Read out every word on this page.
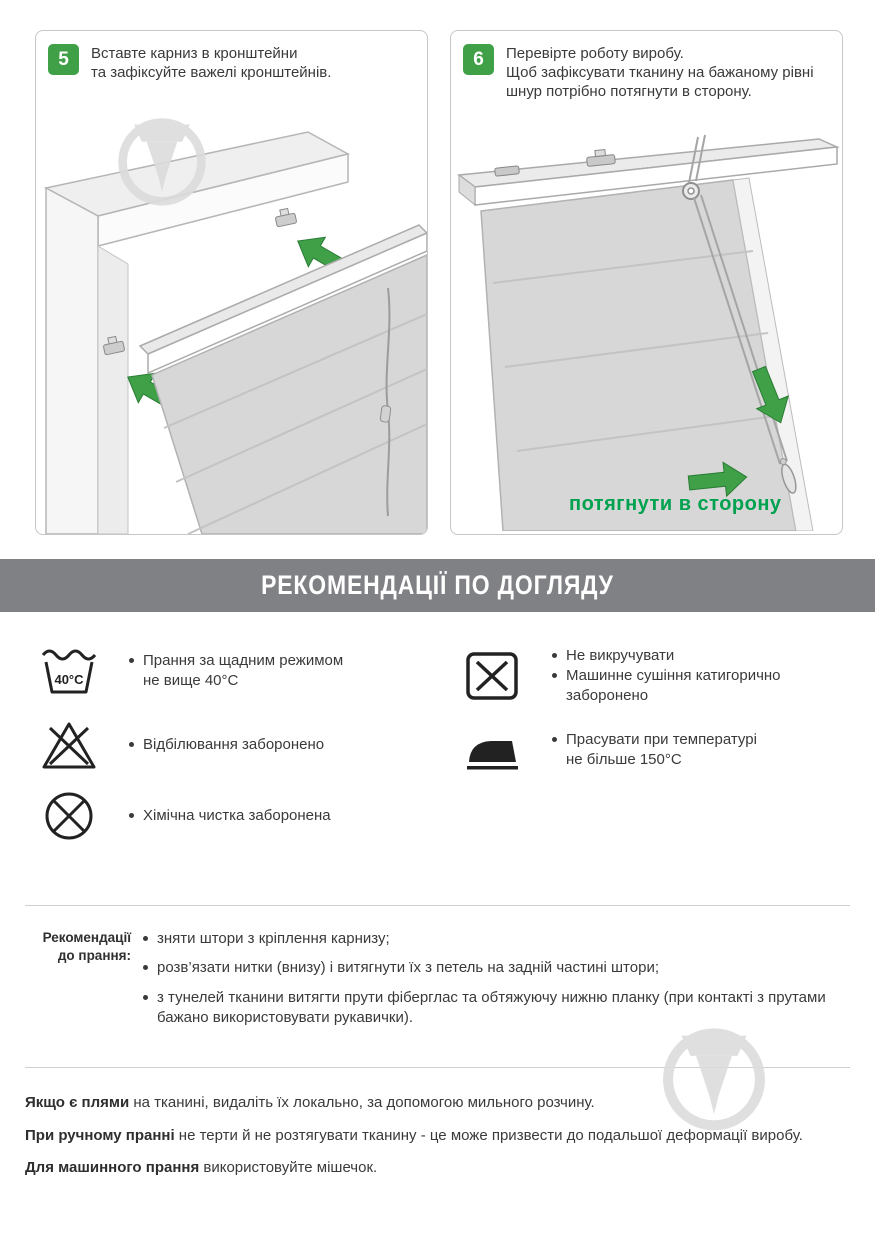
5	Вставте карниз в кронштейни
та зафіксуйте важелі кронштейнів.
6	Перевірте роботу виробу.
Щоб зафіксувати тканину на бажаному рівні
шнур потрібно потягнути в сторону.
потягнути в сторону
РЕКОМЕНДАЦІЇ ПО ДОГЛЯДУ
40°C
Прання за щадним режимом
не вище 40°С
Відбілювання заборонено
Хімічна чистка заборонена
Не викручувати
Машинне сушіння катигорично
заборонено
Прасувати при температурі
не більше 150°С
Рекомендації
до прання:
зняти штори з кріплення карнизу;
розв’язати нитки (внизу) і витягнути їх з петель на задній частині штори;
з тунелей тканини витягти прути фіберглас та обтяжуючу нижню планку (при контакті з прутами бажано використовувати рукавички).

Якщо є плями на тканині, видаліть їх локально, за допомогою мильного розчину.

При ручному пранні не терти й не розтягувати тканину - це може призвести до подальшої деформації виробу.

Для машинного прання використовуйте мішечок.
